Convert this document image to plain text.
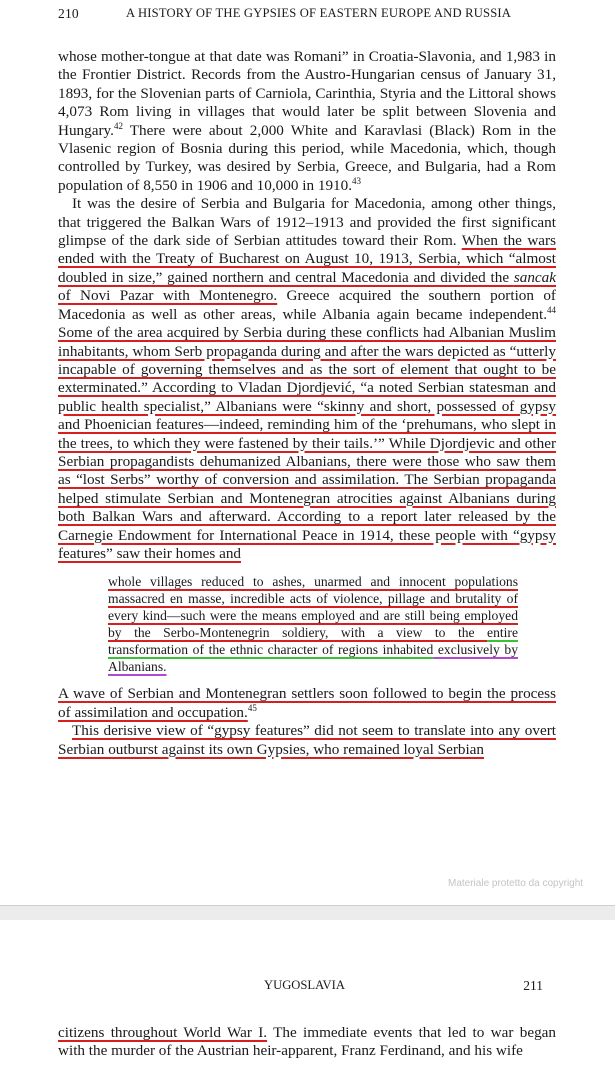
210	A HISTORY OF THE GYPSIES OF EASTERN EUROPE AND RUSSIA

whose mother-tongue at that date was Romani” in Croatia-Slavonia, and 1,983 in the Frontier District. Records from the Austro-Hungarian census of January 31, 1893, for the Slovenian parts of Carniola, Carinthia, Styria and the Littoral shows 4,073 Rom living in villages that would later be split between Slovenia and Hungary.$^{42}$ There were about 2,000 White and Karavlasi (Black) Rom in the Vlasenic region of Bosnia during this period, while Macedonia, which, though controlled by Turkey, was desired by Serbia, Greece, and Bulgaria, had a Rom population of 8,550 in 1906 and 10,000 in 1910.43

It was the desire of Serbia and Bulgaria for Macedonia, among other things, that triggered the Balkan Wars of 1912–1913 and provided the first significant glimpse of the dark side of Serbian attitudes toward their Rom. When the wars ended with the Treaty of Bucharest on August 10, 1913, Serbia, which “almost doubled in size,” gained northern and central Macedonia and divided the sancak of Novi Pazar with Montenegro. Greece acquired the southern portion of Macedonia as well as other areas, while Albania again became independent.$^{44}$ Some of the area acquired by Serbia during these conflicts had Albanian Muslim inhabitants, whom Serb propaganda during and after the wars depicted as “utterly incapable of governing themselves and as the sort of element that ought to be exterminated.” According to Vladan Djordjević, “a noted Serbian statesman and public health specialist,” Albanians were “skinny and short, possessed of gypsy and Phoenician features—indeed, reminding him of the ‘prehumans, who slept in the trees, to which they were fastened by their tails.’” While Djordjevic and other Serbian propagandists dehumanized Albanians, there were those who saw them as “lost Serbs” worthy of conversion and assimilation. The Serbian propaganda helped stimulate Serbian and Montenegran atrocities against Albanians during both Balkan Wars and afterward. According to a report later released by the Carnegie Endowment for International Peace in 1914, these people with “gypsy features” saw their homes and

whole villages reduced to ashes, unarmed and innocent populations massacred en masse, incredible acts of violence, pillage and brutality of every kind—such were the means employed and are still being employed by the Serbo-Montenegrin soldiery, with a view to the entire transformation of the ethnic character of regions inhabited exclusively by Albanians.

A wave of Serbian and Montenegran settlers soon followed to begin the process of assimilation and occupation.$^{45}$

This derisive view of “gypsy features” did not seem to translate into any overt Serbian outburst against its own Gypsies, who remained loyal Serbian

Materiale protetto da copyright
YUGOSLAVIA	211

citizens throughout World War I. The immediate events that led to war began with the murder of the Austrian heir-apparent, Franz Ferdinand, and his wife
